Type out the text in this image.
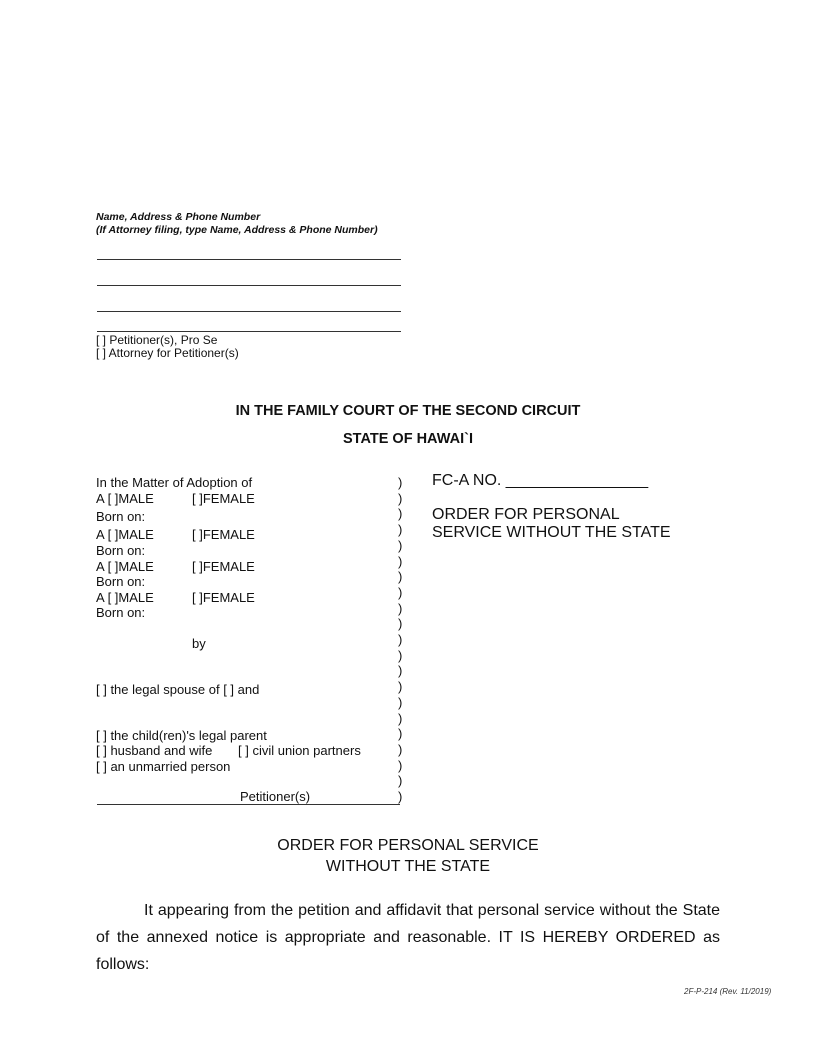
Name, Address & Phone Number
(If Attorney filing, type Name, Address & Phone Number)
[ ] Petitioner(s), Pro Se
[ ] Attorney for Petitioner(s)
IN THE FAMILY COURT OF THE SECOND CIRCUIT
STATE OF HAWAI`I
In the Matter of Adoption of
A [ ]MALE	[ ]FEMALE
Born on:
A [ ]MALE	[ ]FEMALE
Born on:
A [ ]MALE	[ ]FEMALE
Born on:
A [ ]MALE	[ ]FEMALE
Born on:
by
[ ] the legal spouse of [ ] and
[ ] the child(ren)'s legal parent
[ ] husband and wife [ ] civil union partners
[ ] an unmarried person
Petitioner(s)
)
)
)
)
)
)
)
)
)
)
)
)
)
)
)
)
)
)
)
)
)
FC-A NO. ________________
ORDER FOR PERSONAL
SERVICE WITHOUT THE STATE
ORDER FOR PERSONAL SERVICE
WITHOUT THE STATE
It appearing from the petition and affidavit that personal service without the State of the annexed notice is appropriate and reasonable. IT IS HEREBY ORDERED as follows:
2F-P-214 (Rev. 11/2019)
